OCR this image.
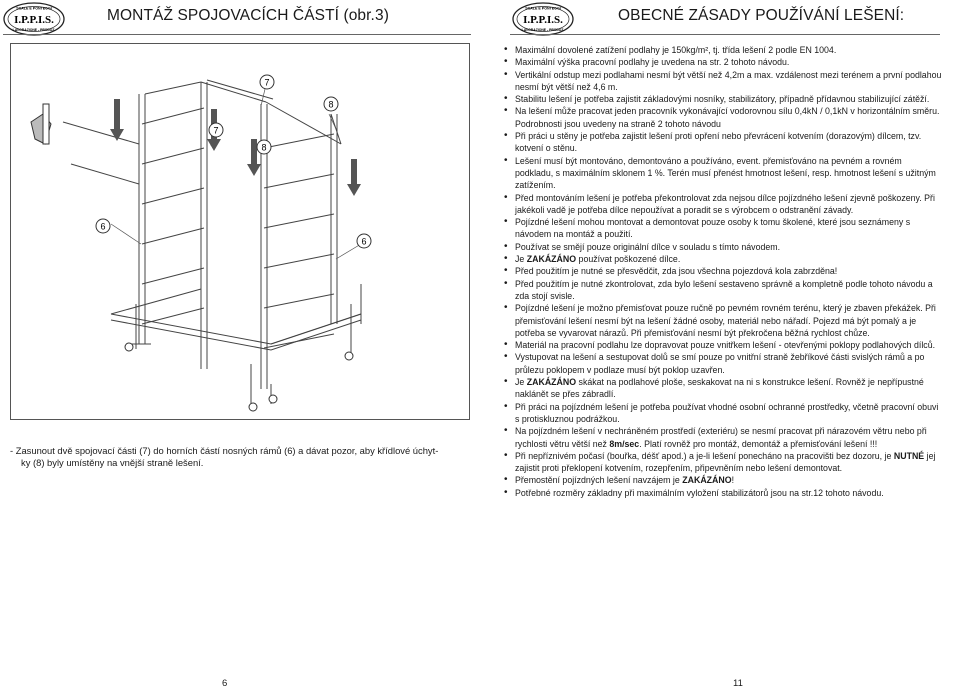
SCALE E PONTEGGI
I.P.P.I.S.
LAVORAZIONE - PRODUZ.
MONTÁŽ SPOJOVACÍCH ČÁSTÍ (obr.3)
7
7
8
8
6
6
- Zasunout dvě spojovací části (7) do horních částí nosných rámů (6) a dávat pozor, aby křídlové úchyt-

ky (8) byly umístěny na vnější straně lešení.
6
SCALE E PONTEGGI
I.P.P.I.S.
LAVORAZIONE - PRODUZ.
OBECNÉ ZÁSADY POUŽÍVÁNÍ LEŠENÍ:
• Maximální dovolené zatížení podlahy je 150kg/m², tj. třída lešení 2 podle EN 1004.
• Maximální výška pracovní podlahy je uvedena na str. 2 tohoto návodu.
• Vertikální odstup mezi podlahami nesmí být větší než 4,2m a max. vzdálenost mezi terénem a první podlahou nesmí být větší než 4,6 m.
• Stabilitu lešení je potřeba zajistit základovými nosníky, stabilizátory, případně přídavnou stabilizující zátěží.
• Na lešení může pracovat jeden pracovník vykonávající vodorovnou sílu 0,4kN / 0,1kN v horizontálním směru. Podrobnosti jsou uvedeny na straně 2 tohoto návodu
• Při práci u stěny je potřeba zajistit lešení proti opření nebo převrácení kotvením (dorazovým) dílcem, tzv. kotvení o stěnu.
• Lešení musí být montováno, demontováno a používáno, event. přemisťováno na pevném a rovném podkladu, s maximálním sklonem 1 %. Terén musí přenést hmotnost lešení, resp. hmotnost lešení s užitným zatížením.
• Před montováním lešení je potřeba překontrolovat zda nejsou dílce pojízdného lešení zjevně poškozeny. Při jakékoli vadě je potřeba dílce nepoužívat a poradit se s výrobcem o odstranění závady.
• Pojízdné lešení mohou montovat a demontovat pouze osoby k tomu školené, které jsou seznámeny s návodem na montáž a použití.
• Používat se smějí pouze originální dílce v souladu s tímto návodem.
• Je ZAKÁZÁNO používat poškozené dílce.
• Před použitím je nutné se přesvědčit, zda jsou všechna pojezdová kola zabrzděna!
• Před použitím je nutné zkontrolovat, zda bylo lešení sestaveno správně a kompletně podle tohoto návodu a zda stojí svisle.
• Pojízdné lešení je možno přemisťovat pouze ručně po pevném rovném terénu, který je zbaven překážek. Při přemisťování lešení nesmí být na lešení žádné osoby, materiál nebo nářadí. Pojezd má být pomalý a je potřeba se vyvarovat nárazů. Při přemisťování nesmí být překročena běžná rychlost chůze.
• Materiál na pracovní podlahu lze dopravovat pouze vnitřkem lešení - otevřenými poklopy podlahových dílců.
• Vystupovat na lešení a sestupovat dolů se smí pouze po vnitřní straně žebříkové části svislých rámů a po průlezu poklopem v podlaze musí být poklop uzavřen.
• Je ZAKÁZÁNO skákat na podlahové ploše, seskakovat na ni s konstrukce lešení. Rovněž je nepřípustné naklánět se přes zábradlí.
• Při práci na pojízdném lešení je potřeba používat vhodné osobní ochranné prostředky, včetně pracovní obuvi s protiskluznou podrážkou.
• Na pojízdném lešení v nechráněném prostředí (exteriéru) se nesmí pracovat při nárazovém větru nebo při rychlosti větru větší než 8m/sec. Platí rovněž pro montáž, demontáž a přemisťování lešení !!!
• Při nepříznivém počasí (bouřka, déšť apod.) a je-li lešení ponecháno na pracovišti bez dozoru, je NUTNÉ jej zajistit proti překlopení kotvením, rozepřením, připevněním nebo lešení demontovat.
• Přemostění pojízdných lešení navzájem je ZAKÁZÁNO!
• Potřebné rozměry základny při maximálním vyložení stabilizátorů jsou na str.12 tohoto návodu.
11
